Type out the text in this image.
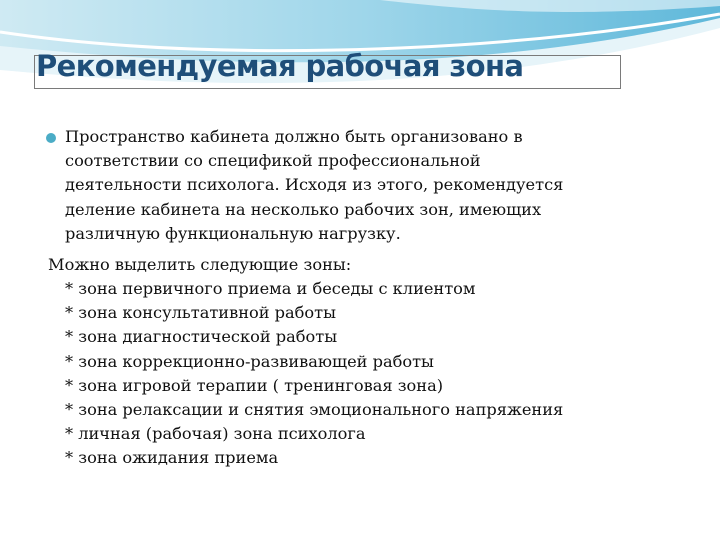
Рекомендуемая рабочая зона
Пространство кабинета должно быть организовано в
соответствии со спецификой профессиональной
деятельности психолога. Исходя из этого, рекомендуется
деление кабинета на несколько рабочих зон, имеющих
различную функциональную нагрузку.
Можно выделить следующие зоны:
* зона первичного приема и беседы с клиентом
* зона консультативной работы
* зона диагностической работы
* зона коррекционно-развивающей работы
* зона игровой терапии ( тренинговая зона)
* зона релаксации и снятия эмоционального напряжения
* личная (рабочая) зона психолога
* зона ожидания приема
